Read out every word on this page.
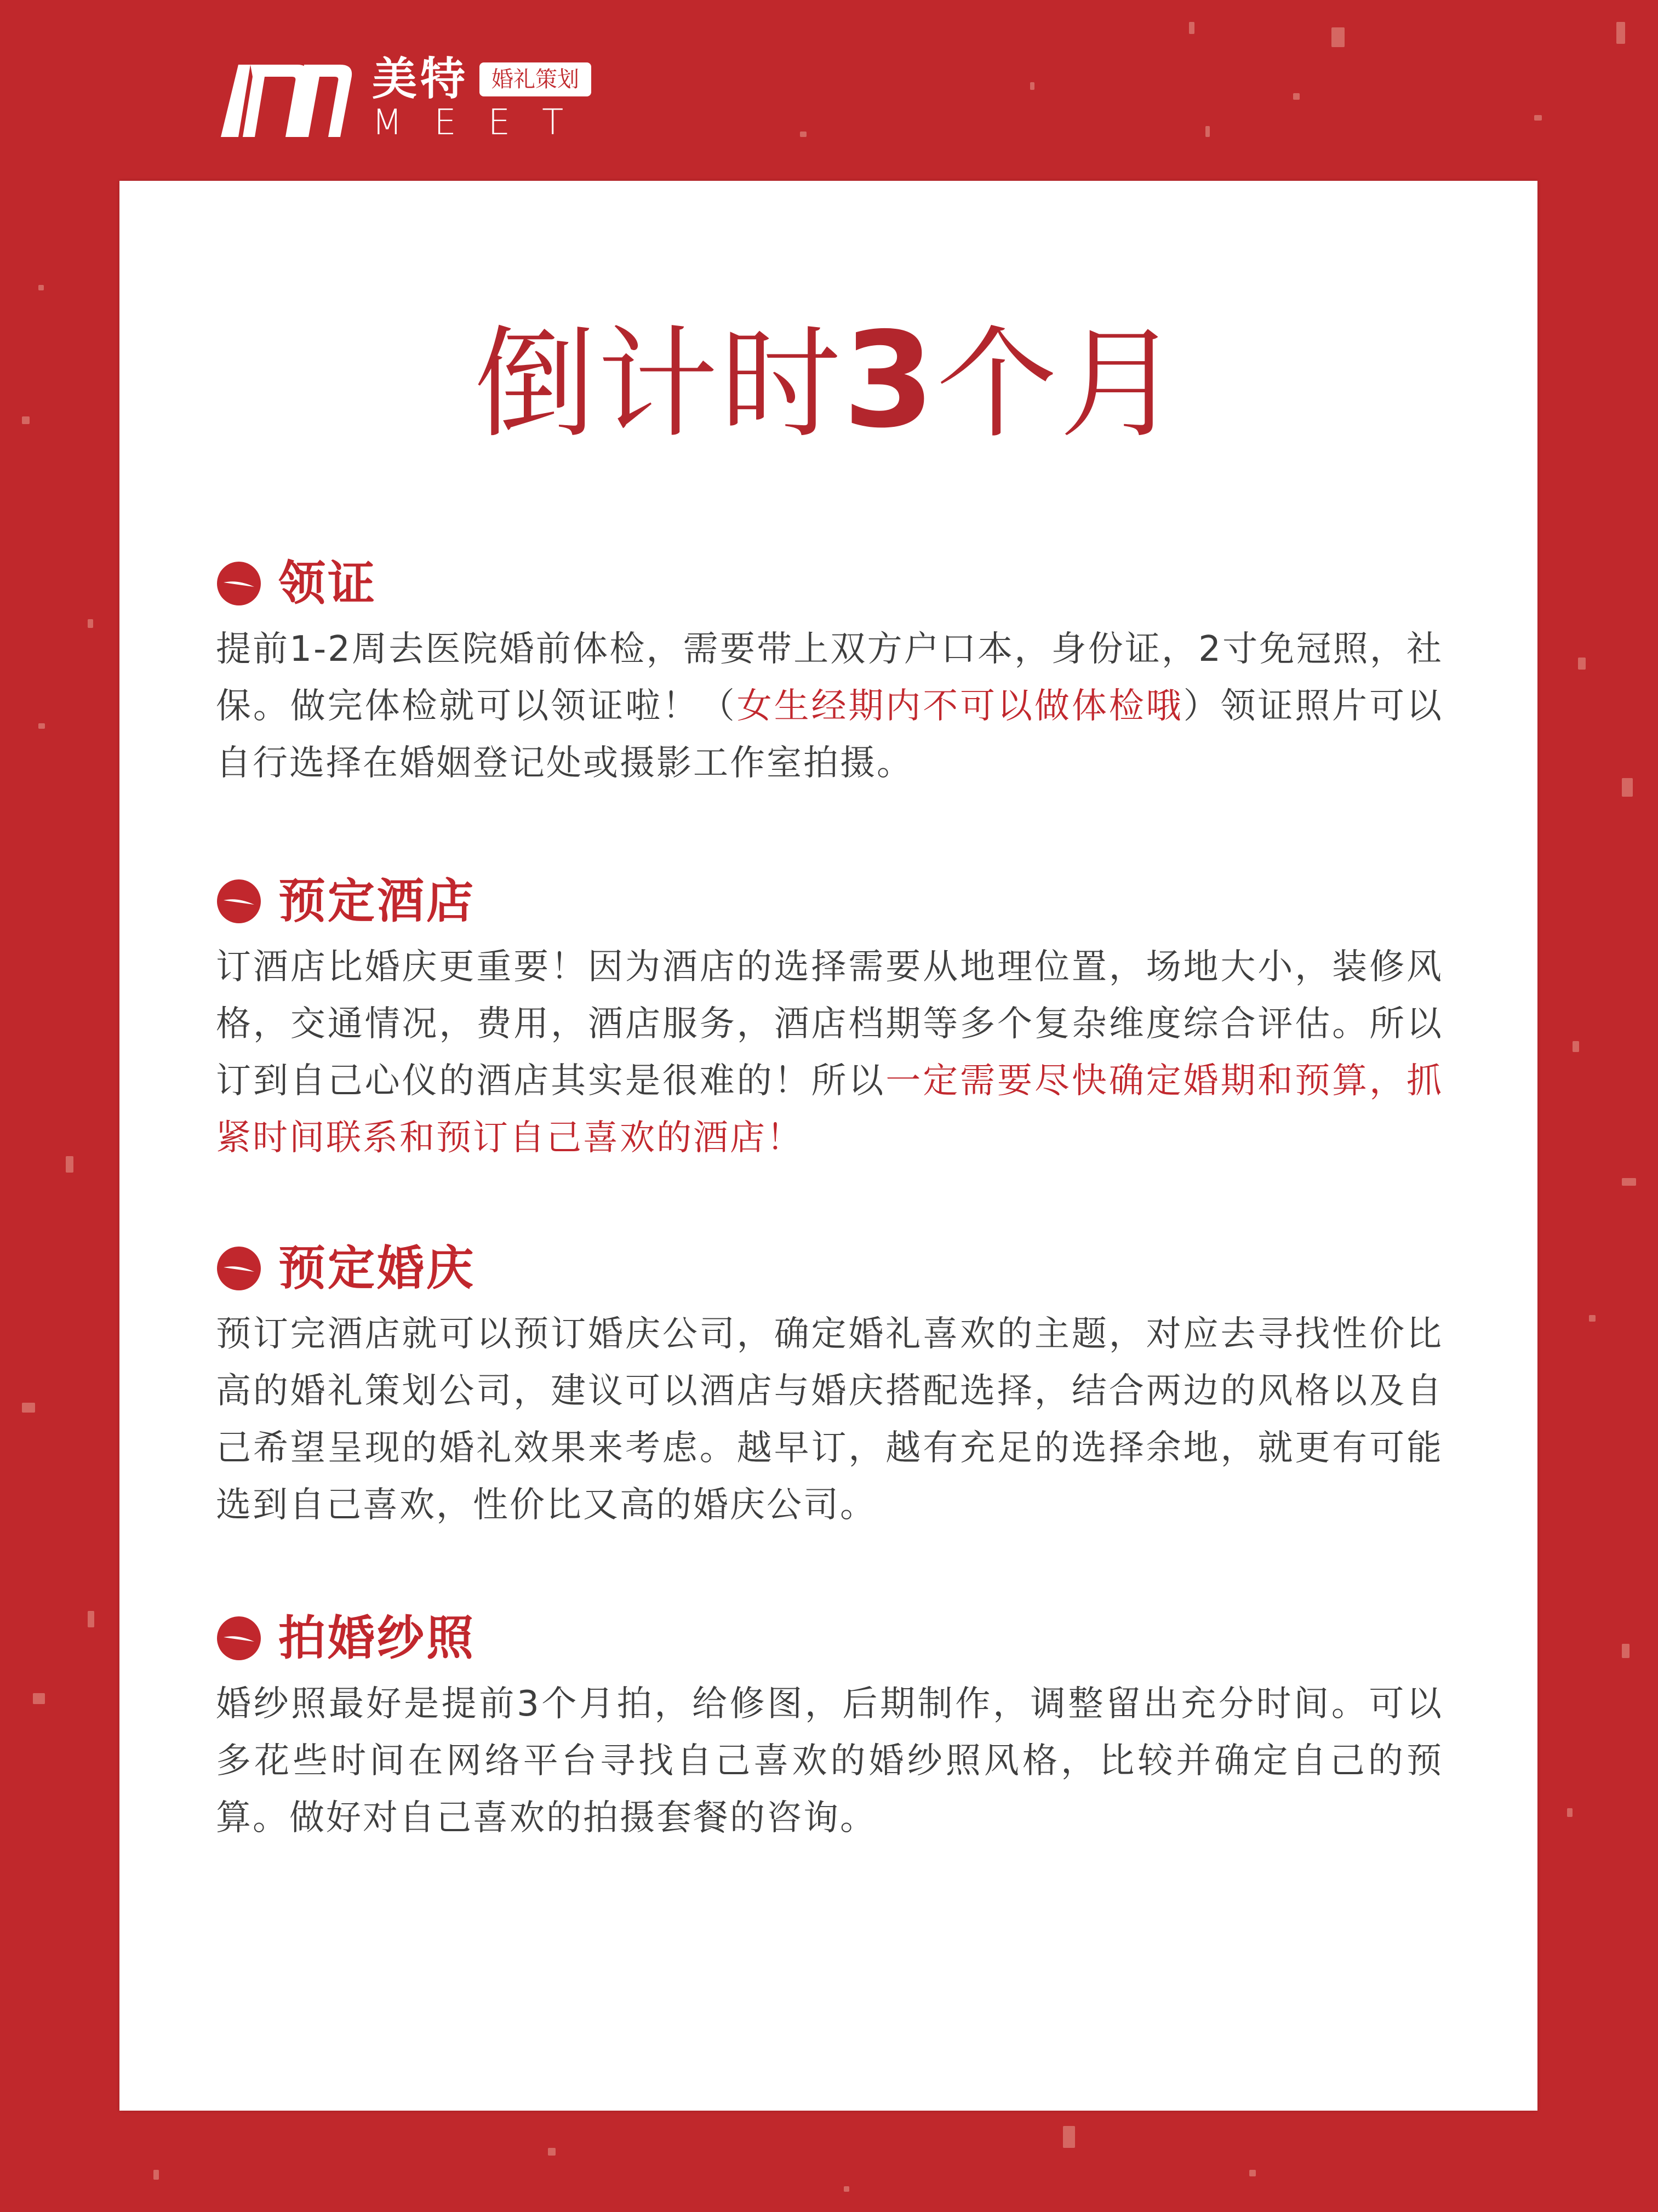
美特	婚礼策划
MEET
倒计时3个月
领证
提前1-2周去医院婚前体检，需要带上双方户口本，身份证，2寸免冠照，社保。做完体检就可以领证啦！（女生经期内不可以做体检哦）领证照片可以自行选择在婚姻登记处或摄影工作室拍摄。
预定酒店
订酒店比婚庆更重要！因为酒店的选择需要从地理位置，场地大小，装修风格，交通情况，费用，酒店服务，酒店档期等多个复杂维度综合评估。所以订到自己心仪的酒店其实是很难的！所以一定需要尽快确定婚期和预算，抓紧时间联系和预订自己喜欢的酒店！
预定婚庆
预订完酒店就可以预订婚庆公司，确定婚礼喜欢的主题，对应去寻找性价比高的婚礼策划公司，建议可以酒店与婚庆搭配选择，结合两边的风格以及自己希望呈现的婚礼效果来考虑。越早订，越有充足的选择余地，就更有可能选到自己喜欢，性价比又高的婚庆公司。
拍婚纱照
婚纱照最好是提前3个月拍，给修图，后期制作，调整留出充分时间。可以多花些时间在网络平台寻找自己喜欢的婚纱照风格，比较并确定自己的预算。做好对自己喜欢的拍摄套餐的咨询。
